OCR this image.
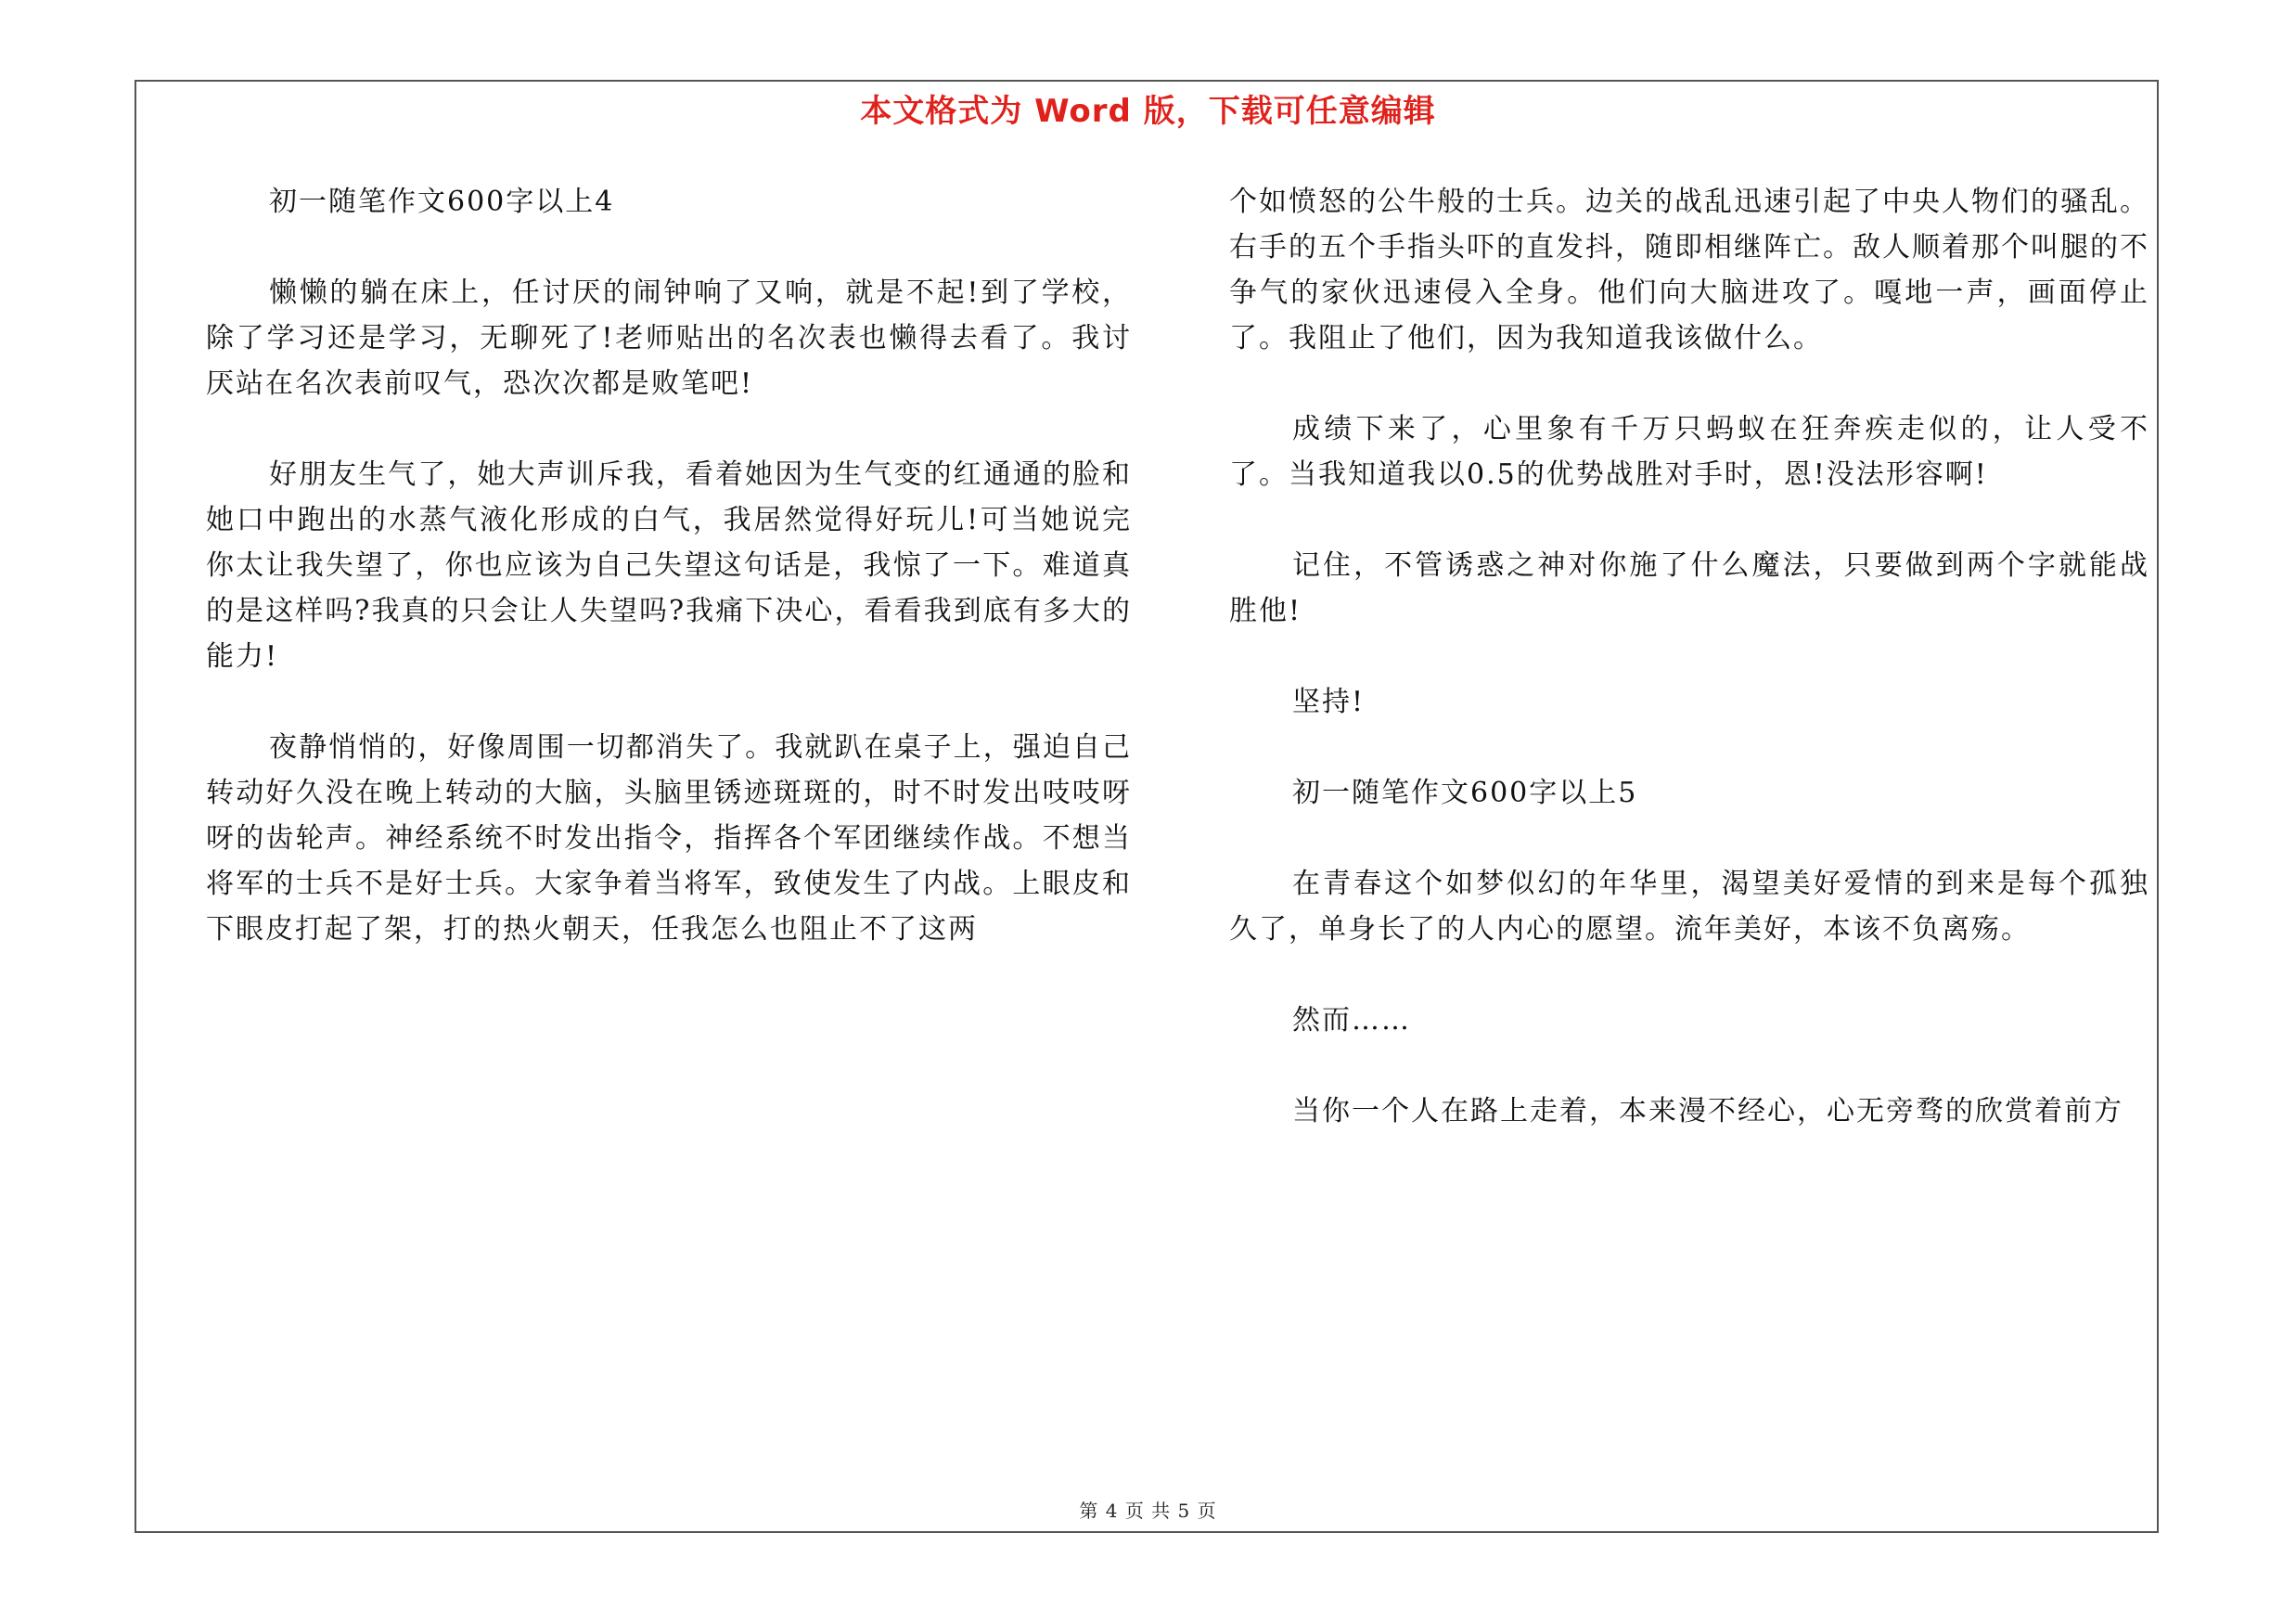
本文格式为 Word 版，下载可任意编辑

初一随笔作文600字以上4

懒懒的躺在床上，任讨厌的闹钟响了又响，就是不起!到了学校，除了学习还是学习，无聊死了!老师贴出的名次表也懒得去看了。我讨厌站在名次表前叹气，恐次次都是败笔吧!

好朋友生气了，她大声训斥我，看着她因为生气变的红通通的脸和她口中跑出的水蒸气液化形成的白气，我居然觉得好玩儿!可当她说完你太让我失望了，你也应该为自己失望这句话是，我惊了一下。难道真的是这样吗?我真的只会让人失望吗?我痛下决心，看看我到底有多大的能力!

夜静悄悄的，好像周围一切都消失了。我就趴在桌子上，强迫自己转动好久没在晚上转动的大脑，头脑里锈迹斑斑的，时不时发出吱吱呀呀的齿轮声。神经系统不时发出指令，指挥各个军团继续作战。不想当将军的士兵不是好士兵。大家争着当将军，致使发生了内战。上眼皮和下眼皮打起了架，打的热火朝天，任我怎么也阻止不了这两

个如愤怒的公牛般的士兵。边关的战乱迅速引起了中央人物们的骚乱。右手的五个手指头吓的直发抖，随即相继阵亡。敌人顺着那个叫腿的不争气的家伙迅速侵入全身。他们向大脑进攻了。嘎地一声，画面停止了。我阻止了他们，因为我知道我该做什么。

成绩下来了，心里象有千万只蚂蚁在狂奔疾走似的，让人受不了。当我知道我以0.5的优势战胜对手时，恩!没法形容啊!

记住，不管诱惑之神对你施了什么魔法，只要做到两个字就能战胜他!

坚持!

初一随笔作文600字以上5

在青春这个如梦似幻的年华里，渴望美好爱情的到来是每个孤独久了，单身长了的人内心的愿望。流年美好，本该不负离殇。

然而……

当你一个人在路上走着，本来漫不经心，心无旁骛的欣赏着前方

第 4 页 共 5 页
